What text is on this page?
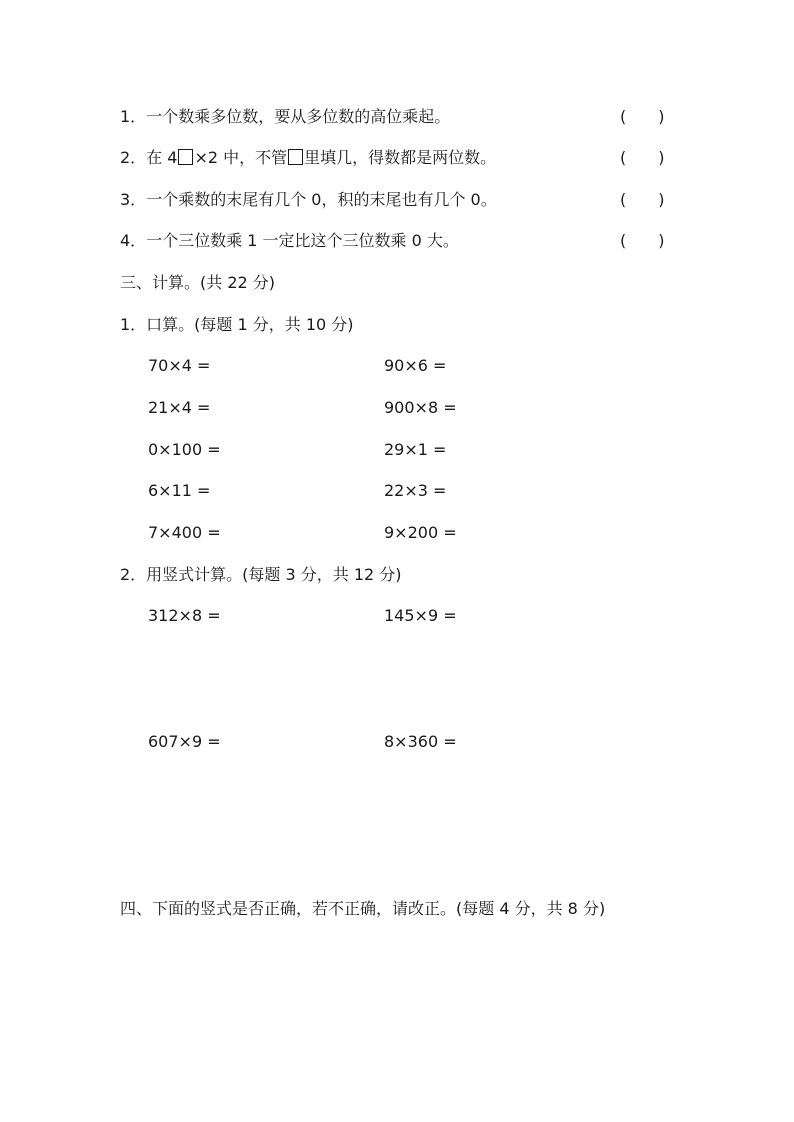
1．一个数乘多位数，要从多位数的高位乘起。	(　　)
2．在 4 ×2 中，不管 里填几，得数都是两位数。	(　　)
3．一个乘数的末尾有几个 0，积的末尾也有几个 0。	(　　)
4．一个三位数乘 1 一定比这个三位数乘 0 大。	(　　)
三、计算。(共 22 分)
1．口算。(每题 1 分，共 10 分)
70×4 =	90×6 =
21×4 =	900×8 =
0×100 =	29×1 =
6×11 =	22×3 =
7×400 =	9×200 =
2．用竖式计算。(每题 3 分，共 12 分)
312×8 =	145×9 =
607×9 =	8×360 =
四、下面的竖式是否正确，若不正确，请改正。(每题 4 分，共 8 分)
